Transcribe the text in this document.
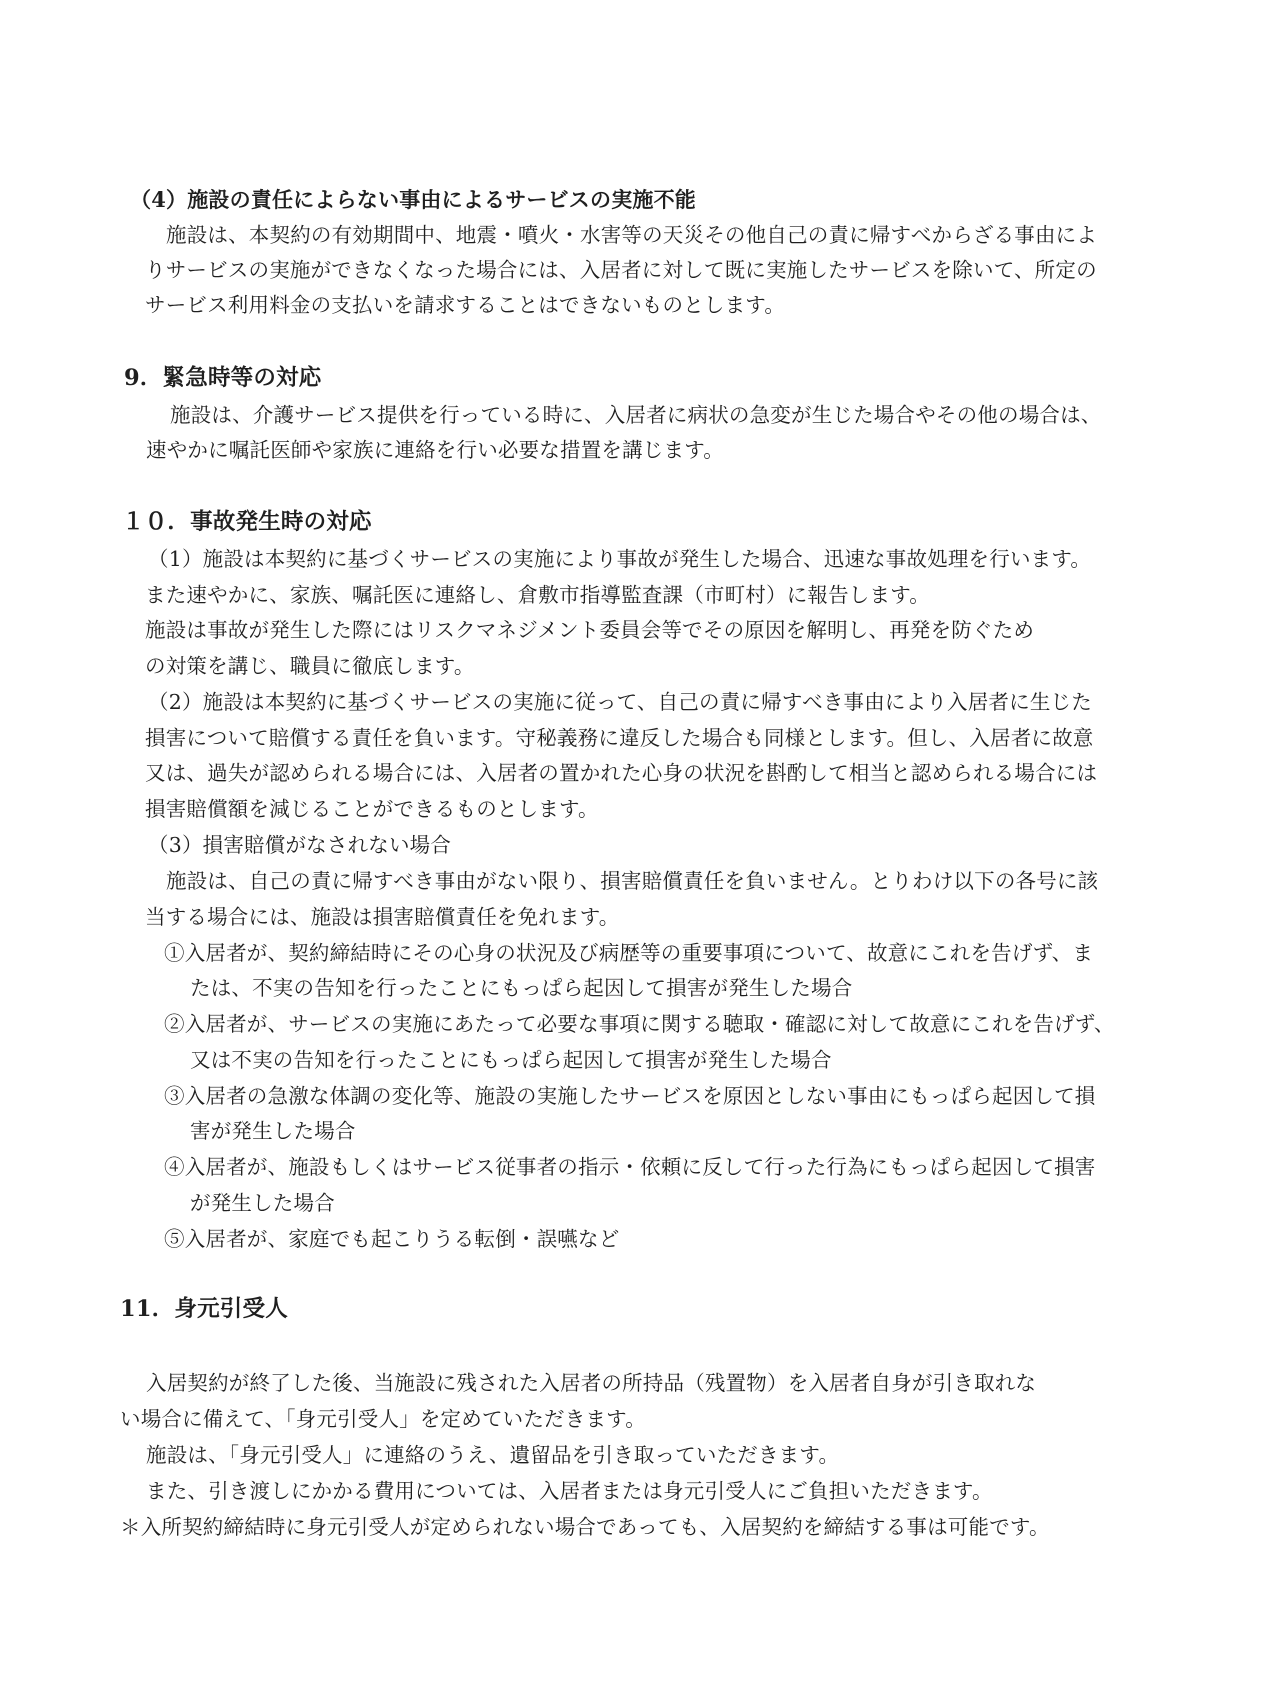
（4）施設の責任によらない事由によるサービスの実施不能
施設は、本契約の有効期間中、地震・噴火・水害等の天災その他自己の責に帰すべからざる事由によ
りサービスの実施ができなくなった場合には、入居者に対して既に実施したサービスを除いて、所定の
サービス利用料金の支払いを請求することはできないものとします。
9．緊急時等の対応
施設は、介護サービス提供を行っている時に、入居者に病状の急変が生じた場合やその他の場合は、
速やかに嘱託医師や家族に連絡を行い必要な措置を講じます。
１０．事故発生時の対応
（1）施設は本契約に基づくサービスの実施により事故が発生した場合、迅速な事故処理を行います。
また速やかに、家族、嘱託医に連絡し、倉敷市指導監査課（市町村）に報告します。
施設は事故が発生した際にはリスクマネジメント委員会等でその原因を解明し、再発を防ぐため
の対策を講じ、職員に徹底します。
（2）施設は本契約に基づくサービスの実施に従って、自己の責に帰すべき事由により入居者に生じた
損害について賠償する責任を負います。守秘義務に違反した場合も同様とします。但し、入居者に故意
又は、過失が認められる場合には、入居者の置かれた心身の状況を斟酌して相当と認められる場合には
損害賠償額を減じることができるものとします。
（3）損害賠償がなされない場合
施設は、自己の責に帰すべき事由がない限り、損害賠償責任を負いません。とりわけ以下の各号に該
当する場合には、施設は損害賠償責任を免れます。
①入居者が、契約締結時にその心身の状況及び病歴等の重要事項について、故意にこれを告げず、ま
たは、不実の告知を行ったことにもっぱら起因して損害が発生した場合
②入居者が、サービスの実施にあたって必要な事項に関する聴取・確認に対して故意にこれを告げず、
又は不実の告知を行ったことにもっぱら起因して損害が発生した場合
③入居者の急激な体調の変化等、施設の実施したサービスを原因としない事由にもっぱら起因して損
害が発生した場合
④入居者が、施設もしくはサービス従事者の指示・依頼に反して行った行為にもっぱら起因して損害
が発生した場合
⑤入居者が、家庭でも起こりうる転倒・誤嚥など
11．身元引受人
入居契約が終了した後、当施設に残された入居者の所持品（残置物）を入居者自身が引き取れな
い場合に備えて、「身元引受人」を定めていただきます。
施設は、「身元引受人」に連絡のうえ、遺留品を引き取っていただきます。
また、引き渡しにかかる費用については、入居者または身元引受人にご負担いただきます。
＊入所契約締結時に身元引受人が定められない場合であっても、入居契約を締結する事は可能です。
